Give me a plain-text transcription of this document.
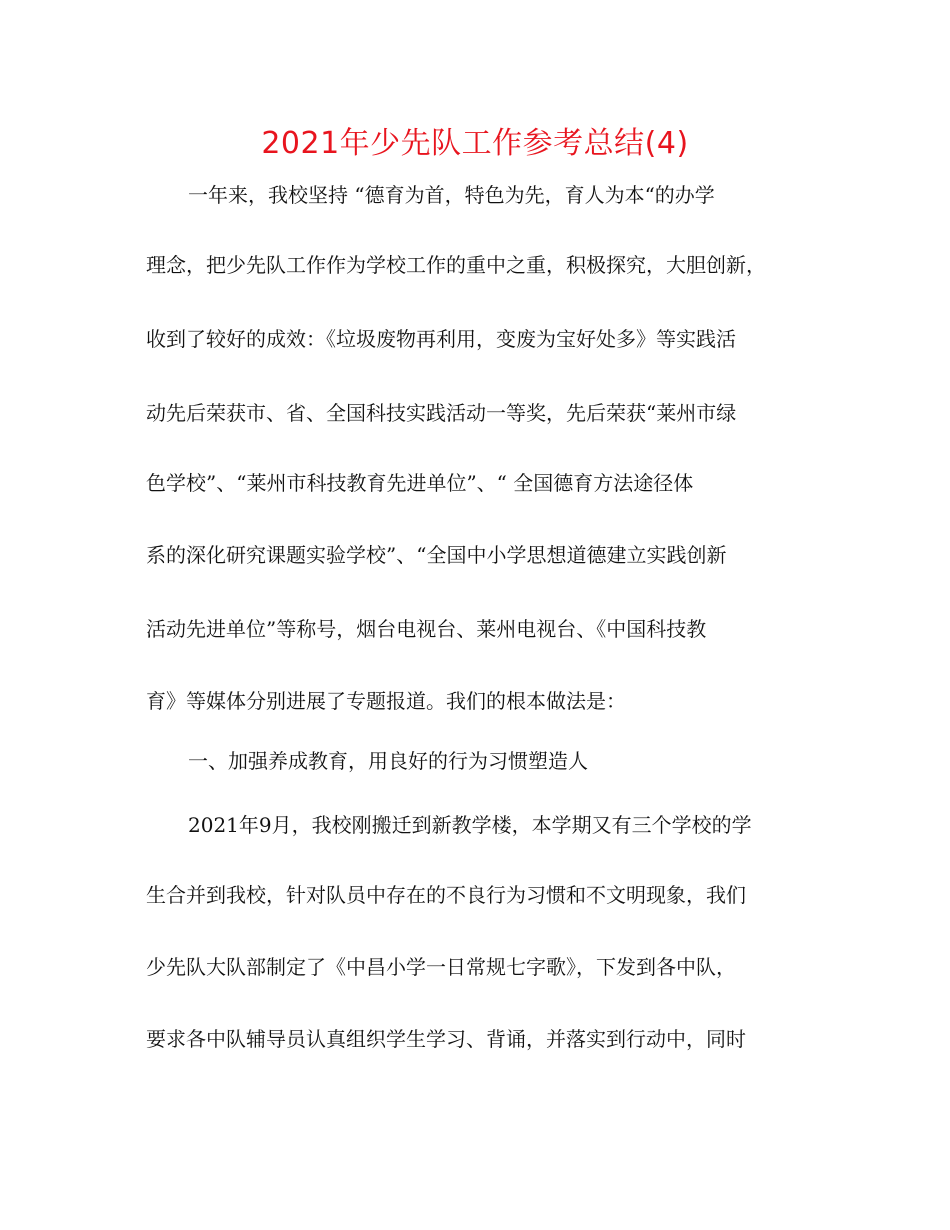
2021年少先队工作参考总结(4)
一年来，我校坚持 “德育为首，特色为先，育人为本“的办学
理念，把少先队工作作为学校工作的重中之重，积极探究，大胆创新，
收到了较好的成效：《垃圾废物再利用，变废为宝好处多》等实践活
动先后荣获市、省、全国科技实践活动一等奖，先后荣获“莱州市绿
色学校”、“莱州市科技教育先进单位”、“ 全国德育方法途径体
系的深化研究课题实验学校”、“全国中小学思想道德建立实践创新
活动先进单位”等称号，烟台电视台、莱州电视台、《中国科技教
育》等媒体分别进展了专题报道。我们的根本做法是：
一、加强养成教育，用良好的行为习惯塑造人
2021年9月，我校刚搬迁到新教学楼，本学期又有三个学校的学
生合并到我校，针对队员中存在的不良行为习惯和不文明现象，我们
少先队大队部制定了《中昌小学一日常规七字歌》，下发到各中队，
要求各中队辅导员认真组织学生学习、背诵，并落实到行动中，同时
